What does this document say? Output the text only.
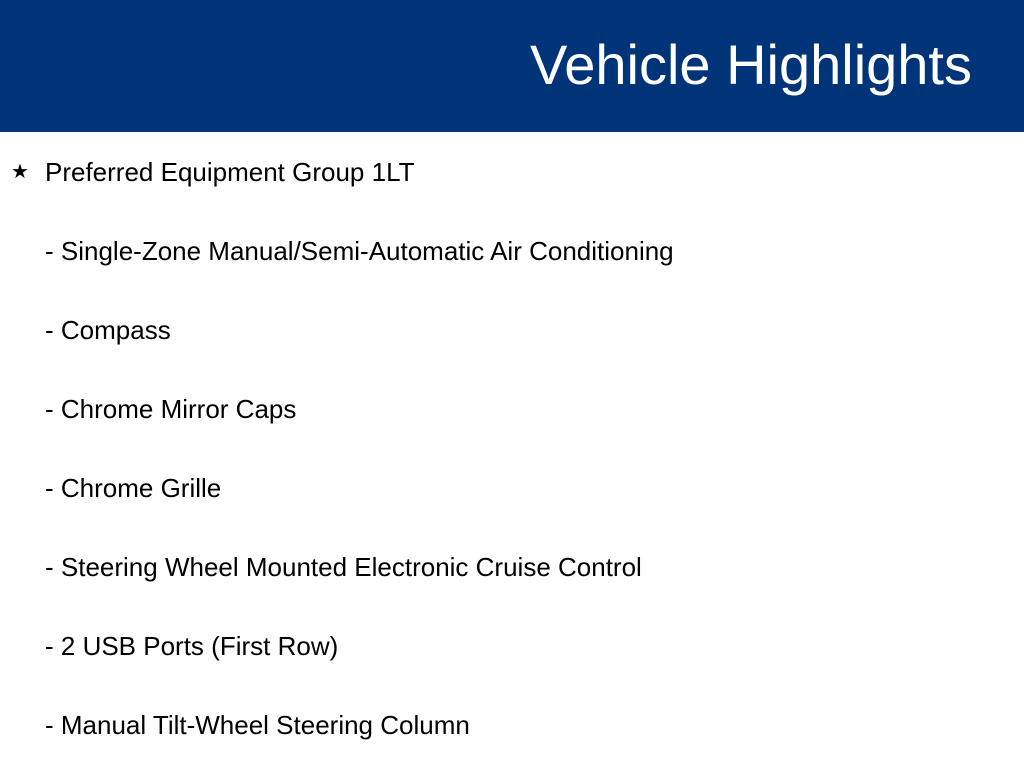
Vehicle Highlights
★ Preferred Equipment Group 1LT
- Single-Zone Manual/Semi-Automatic Air Conditioning
- Compass
- Chrome Mirror Caps
- Chrome Grille
- Steering Wheel Mounted Electronic Cruise Control
- 2 USB Ports (First Row)
- Manual Tilt-Wheel Steering Column
